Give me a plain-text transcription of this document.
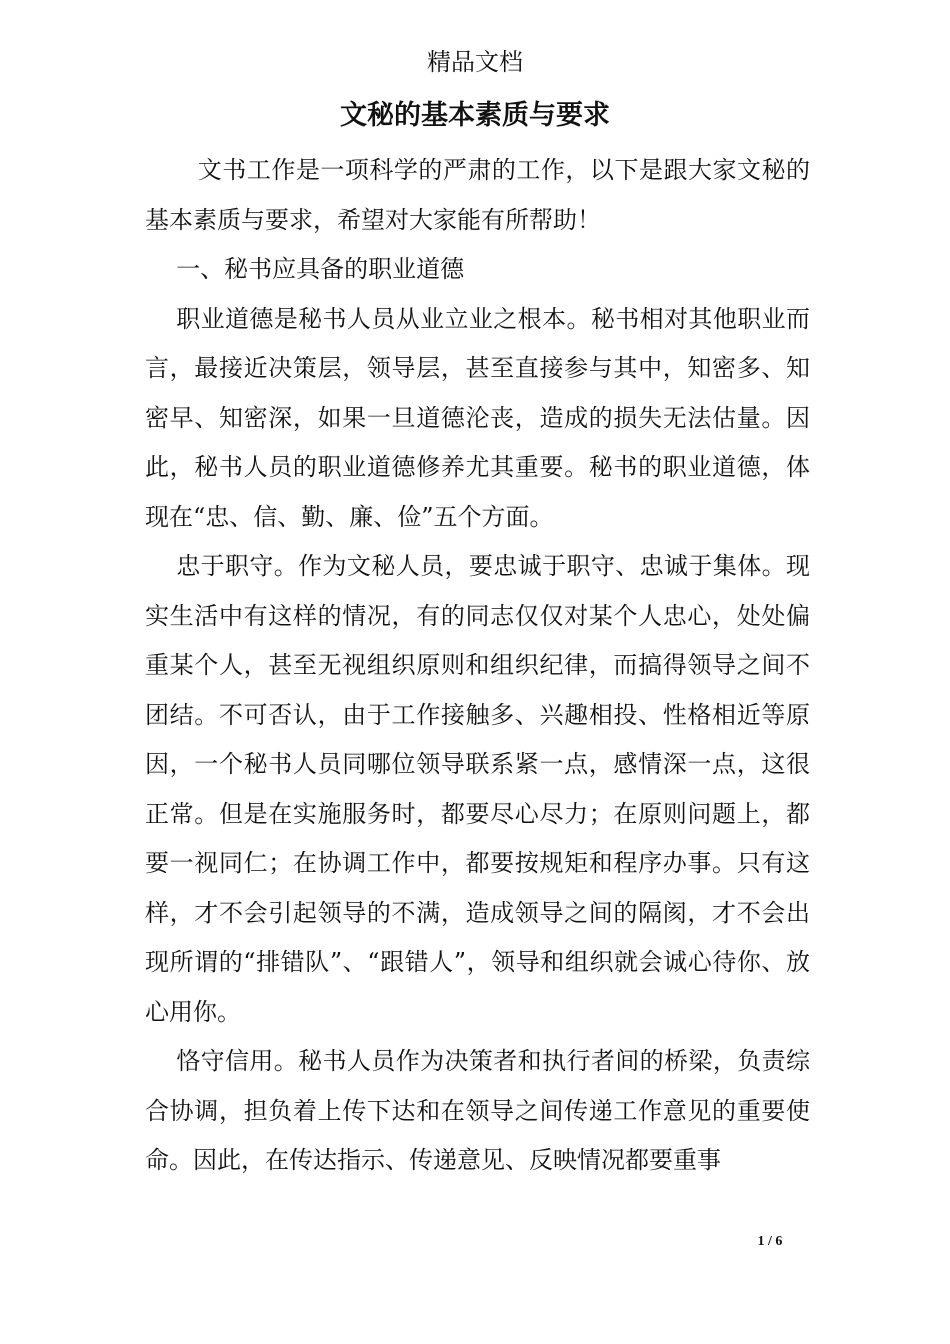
精品文档
文秘的基本素质与要求

文书工作是一项科学的严肃的工作，以下是跟大家文秘的基本素质与要求，希望对大家能有所帮助！

一、秘书应具备的职业道德

职业道德是秘书人员从业立业之根本。秘书相对其他职业而言，最接近决策层，领导层，甚至直接参与其中，知密多、知密早、知密深，如果一旦道德沦丧，造成的损失无法估量。因此，秘书人员的职业道德修养尤其重要。秘书的职业道德，体现在“忠、信、勤、廉、俭”五个方面。

忠于职守。作为文秘人员，要忠诚于职守、忠诚于集体。现实生活中有这样的情况，有的同志仅仅对某个人忠心，处处偏重某个人，甚至无视组织原则和组织纪律，而搞得领导之间不团结。不可否认，由于工作接触多、兴趣相投、性格相近等原因，一个秘书人员同哪位领导联系紧一点，感情深一点，这很正常。但是在实施服务时，都要尽心尽力；在原则问题上，都要一视同仁；在协调工作中，都要按规矩和程序办事。只有这样，才不会引起领导的不满，造成领导之间的隔阂，才不会出现所谓的“排错队”、“跟错人”，领导和组织就会诚心待你、放心用你。

恪守信用。秘书人员作为决策者和执行者间的桥梁，负责综合协调，担负着上传下达和在领导之间传递工作意见的重要使命。因此，在传达指示、传递意见、反映情况都要重事

1 / 6
